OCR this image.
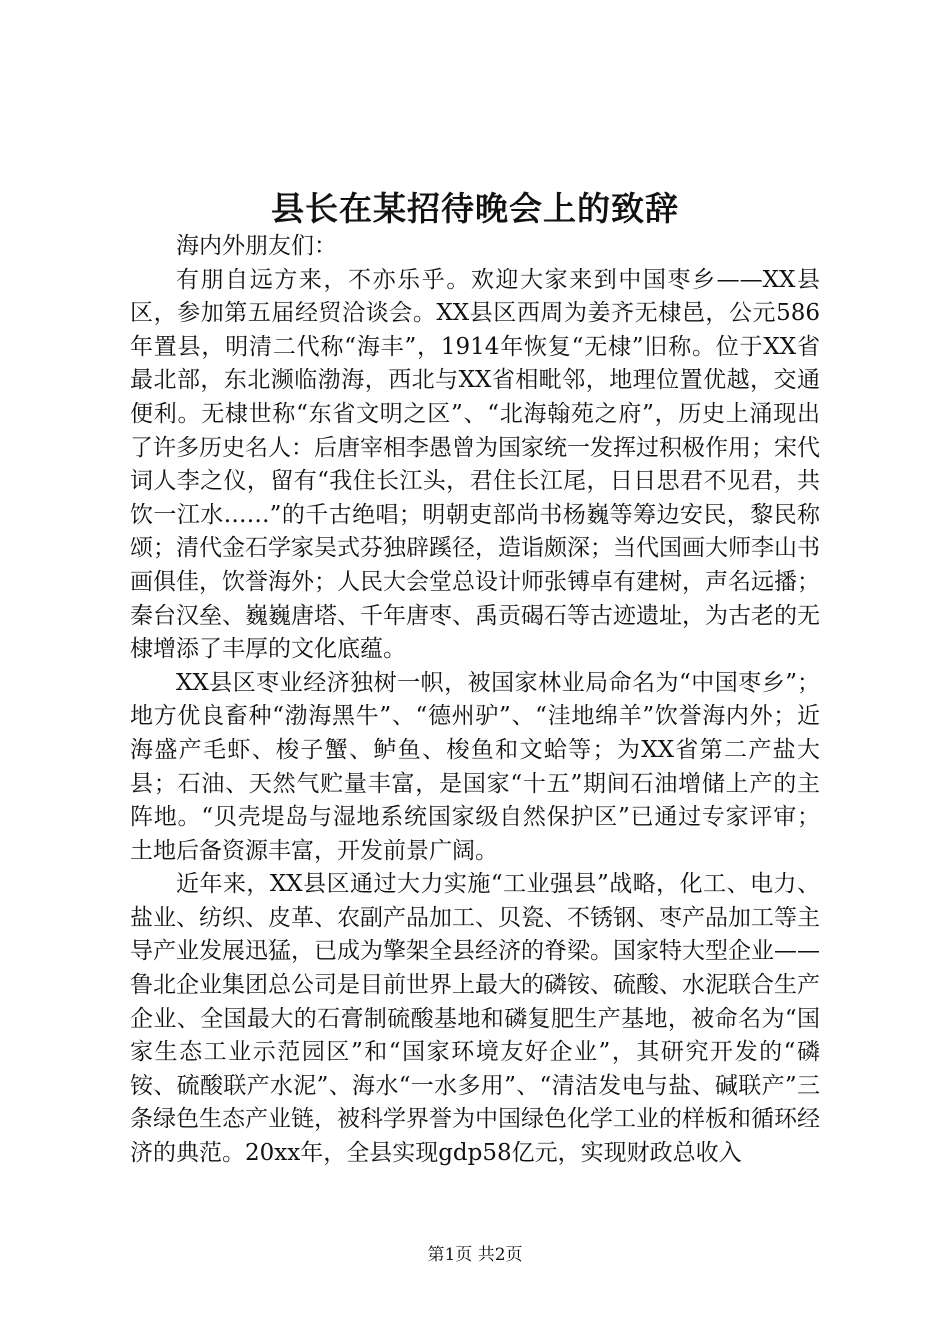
县长在某招待晚会上的致辞

海内外朋友们：

有朋自远方来，不亦乐乎。欢迎大家来到中国枣乡——XX县区，参加第五届经贸洽谈会。XX县区西周为姜齐无棣邑，公元586年置县，明清二代称“海丰”，1914年恢复“无棣”旧称。位于XX省最北部，东北濒临渤海，西北与XX省相毗邻，地理位置优越，交通便利。无棣世称“东省文明之区”、“北海翰苑之府”，历史上涌现出了许多历史名人：后唐宰相李愚曾为国家统一发挥过积极作用；宋代词人李之仪，留有“我住长江头，君住长江尾，日日思君不见君，共饮一江水……”的千古绝唱；明朝吏部尚书杨巍等筹边安民，黎民称颂；清代金石学家吴式芬独辟蹊径，造诣颇深；当代国画大师李山书画俱佳，饮誉海外；人民大会堂总设计师张镈卓有建树，声名远播；秦台汉垒、巍巍唐塔、千年唐枣、禹贡碣石等古迹遗址，为古老的无棣增添了丰厚的文化底蕴。

XX县区枣业经济独树一帜，被国家林业局命名为“中国枣乡”；地方优良畜种“渤海黑牛”、“德州驴”、“洼地绵羊”饮誉海内外；近海盛产毛虾、梭子蟹、鲈鱼、梭鱼和文蛤等；为XX省第二产盐大县；石油、天然气贮量丰富，是国家“十五”期间石油增储上产的主阵地。“贝壳堤岛与湿地系统国家级自然保护区”已通过专家评审；土地后备资源丰富，开发前景广阔。

近年来，XX县区通过大力实施“工业强县”战略，化工、电力、盐业、纺织、皮革、农副产品加工、贝瓷、不锈钢、枣产品加工等主导产业发展迅猛，已成为擎架全县经济的脊梁。国家特大型企业——鲁北企业集团总公司是目前世界上最大的磷铵、硫酸、水泥联合生产企业、全国最大的石膏制硫酸基地和磷复肥生产基地，被命名为“国家生态工业示范园区”和“国家环境友好企业”，其研究开发的“磷铵、硫酸联产水泥”、海水“一水多用”、“清洁发电与盐、碱联产”三条绿色生态产业链，被科学界誉为中国绿色化学工业的样板和循环经济的典范。20xx年，全县实现gdp58亿元，实现财政总收入

第1页 共2页
